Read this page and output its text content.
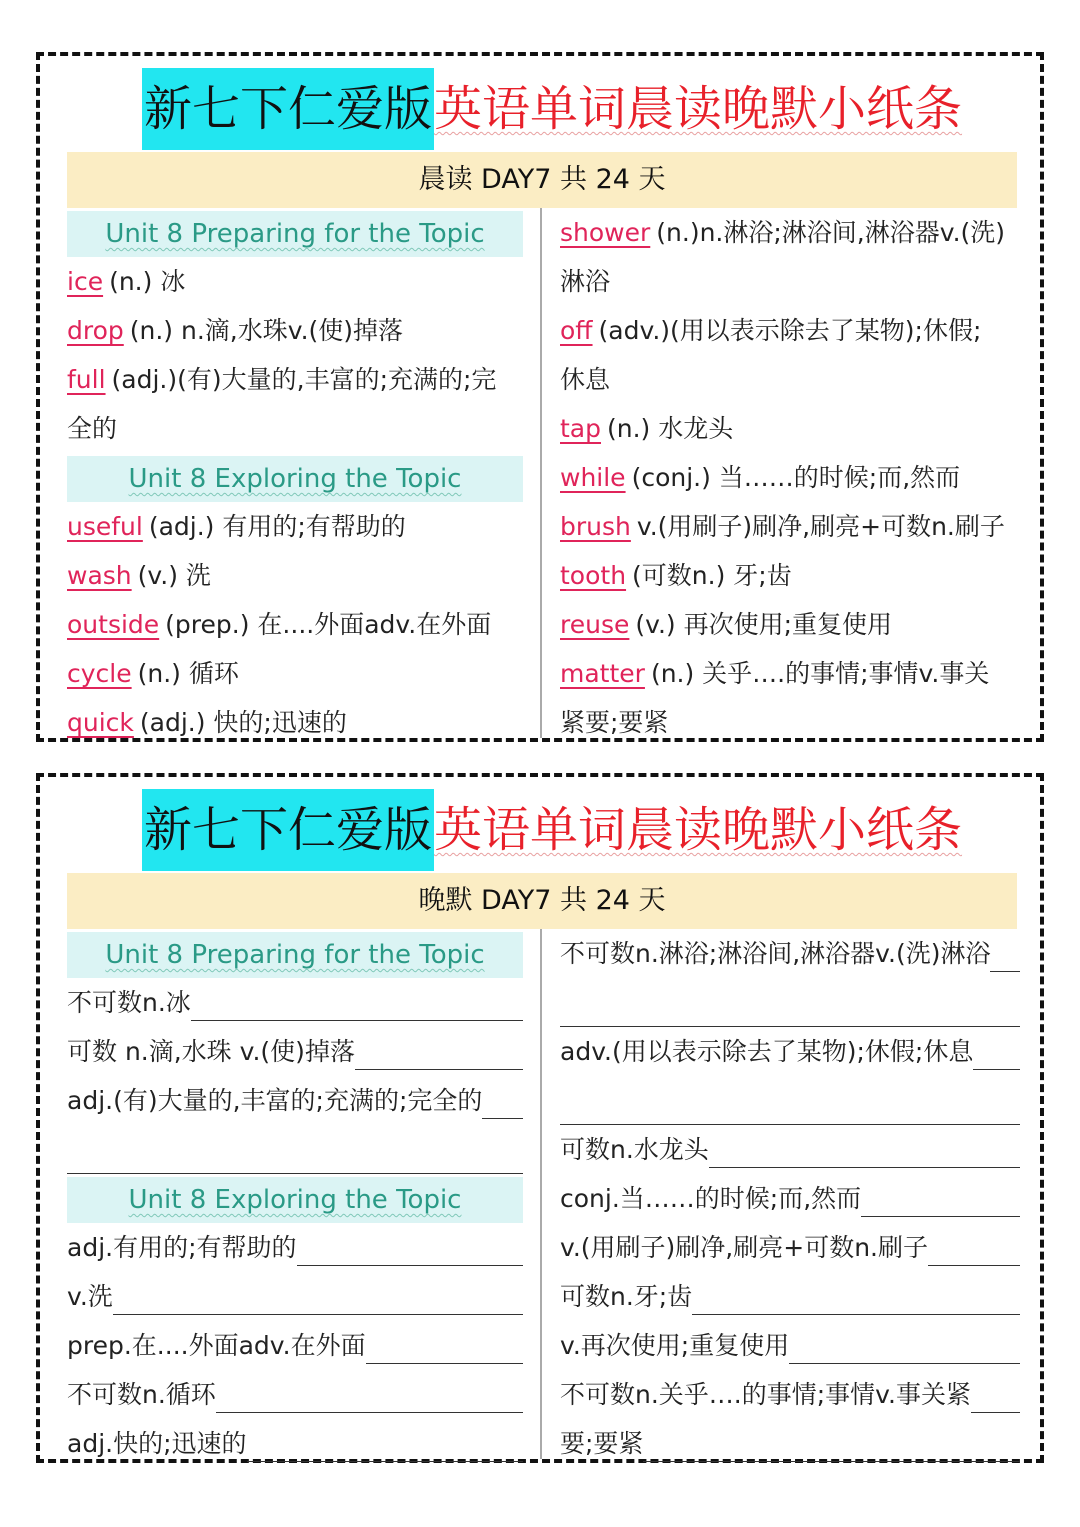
新七下仁爱版 英语单词晨读晚默小纸条
晨读 DAY7 共 24 天
Unit 8 Preparing for the Topic
ice (n.) 冰
drop (n.) n.滴,水珠v.(使)掉落
full (adj.)(有)大量的,丰富的;充满的;完
全的
Unit 8 Exploring the Topic
useful (adj.) 有用的;有帮助的
wash (v.) 洗
outside (prep.) 在....外面adv.在外面
cycle (n.) 循环
quick (adj.) 快的;迅速的
shower (n.)n.淋浴;淋浴间,淋浴器v.(洗)
淋浴
off (adv.)(用以表示除去了某物);休假;
休息
tap (n.) 水龙头
while (conj.) 当……的时候;而,然而
brush v.(用刷子)刷净,刷亮+可数n.刷子
tooth (可数n.) 牙;齿
reuse (v.) 再次使用;重复使用
matter (n.) 关乎….的事情;事情v.事关
紧要;要紧
新七下仁爱版 英语单词晨读晚默小纸条
晚默 DAY7 共 24 天
Unit 8 Preparing for the Topic
不可数n.冰
可数 n.滴,水珠 v.(使)掉落
adj.(有)大量的,丰富的;充满的;完全的
Unit 8 Exploring the Topic
adj.有用的;有帮助的
v.洗
prep.在....外面adv.在外面
不可数n.循环
adj.快的;迅速的
不可数n.淋浴;淋浴间,淋浴器v.(洗)淋浴
adv.(用以表示除去了某物);休假;休息
可数n.水龙头
conj.当……的时候;而,然而
v.(用刷子)刷净,刷亮+可数n.刷子
可数n.牙;齿
v.再次使用;重复使用
不可数n.关乎….的事情;事情v.事关紧
要;要紧
